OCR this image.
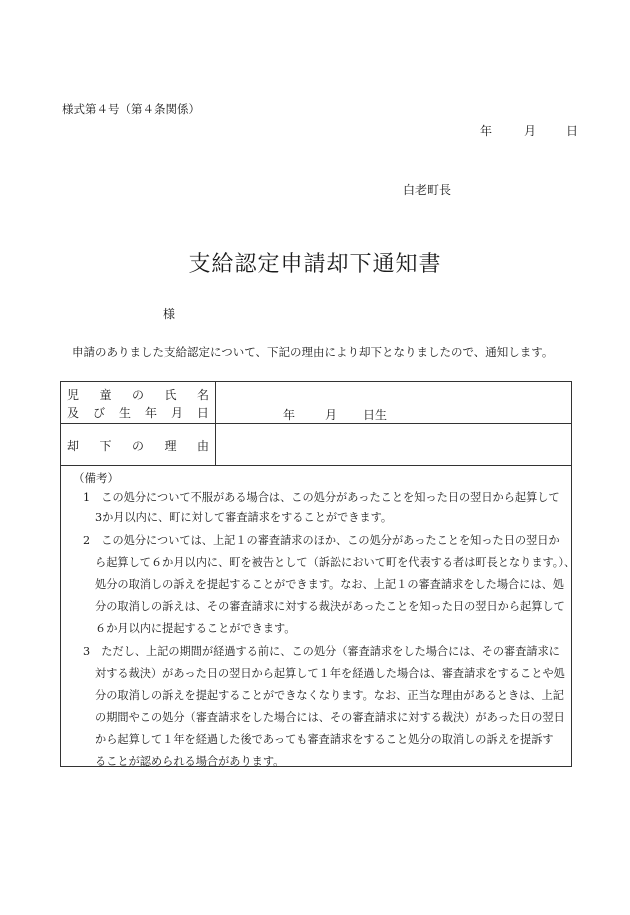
様式第４号（第４条関係）
年	月	日
白老町長
支給認定申請却下通知書
様
申請のありました支給認定について、下記の理由により却下となりましたので、通知します。
児 童 の 氏 名
及 び 生 年 月 日	年	月 日生
却 下 の 理 由
（備考）
1　この処分について不服がある場合は、この処分があったことを知った日の翌日から起算して
3か月以内に、町に対して審査請求をすることができます。
2　この処分については、上記１の審査請求のほか、この処分があったことを知った日の翌日か
ら起算して６か月以内に、町を被告として（訴訟において町を代表する者は町長となります。）、
処分の取消しの訴えを提起することができます。なお、上記１の審査請求をした場合には、処
分の取消しの訴えは、その審査請求に対する裁決があったことを知った日の翌日から起算して
６か月以内に提起することができます。
3　ただし、上記の期間が経過する前に、この処分（審査請求をした場合には、その審査請求に
対する裁決）があった日の翌日から起算して１年を経過した場合は、審査請求をすることや処
分の取消しの訴えを提起することができなくなります。なお、正当な理由があるときは、上記
の期間やこの処分（審査請求をした場合には、その審査請求に対する裁決）があった日の翌日
から起算して１年を経過した後であっても審査請求をすること処分の取消しの訴えを提訴す
ることが認められる場合があります。
